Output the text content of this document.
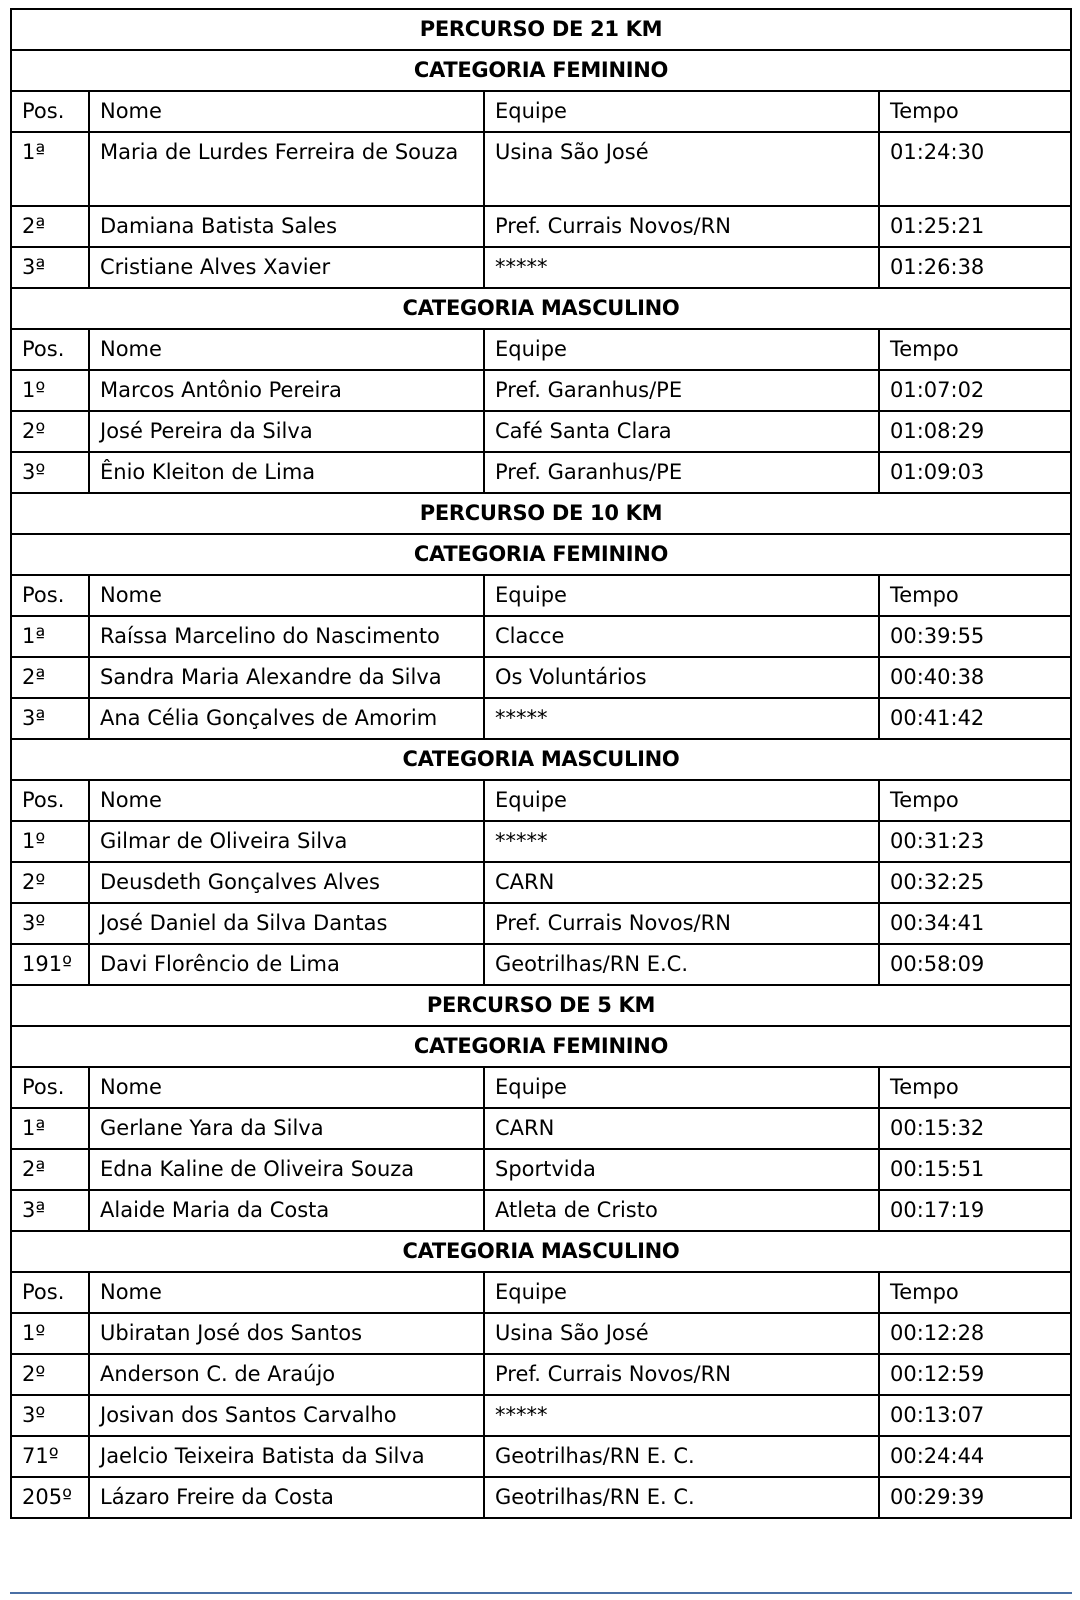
PERCURSO DE 21 KM			
CATEGORIA FEMININO			
Pos.	Nome	Equipe	Tempo
1ª	Maria de Lurdes Ferreira de Souza	Usina São José	01:24:30
2ª	Damiana Batista Sales	Pref. Currais Novos/RN	01:25:21
3ª	Cristiane Alves Xavier	*****	01:26:38
CATEGORIA MASCULINO			
Pos.	Nome	Equipe	Tempo
1º	Marcos Antônio Pereira	Pref. Garanhus/PE	01:07:02
2º	José Pereira da Silva	Café Santa Clara	01:08:29
3º	Ênio Kleiton de Lima	Pref. Garanhus/PE	01:09:03
PERCURSO DE 10 KM			
CATEGORIA FEMININO			
Pos.	Nome	Equipe	Tempo
1ª	Raíssa Marcelino do Nascimento	Clacce	00:39:55
2ª	Sandra Maria Alexandre da Silva	Os Voluntários	00:40:38
3ª	Ana Célia Gonçalves de Amorim	*****	00:41:42
CATEGORIA MASCULINO			
Pos.	Nome	Equipe	Tempo
1º	Gilmar de Oliveira Silva	*****	00:31:23
2º	Deusdeth Gonçalves Alves	CARN	00:32:25
3º	José Daniel da Silva Dantas	Pref. Currais Novos/RN	00:34:41
191º	Davi Florêncio de Lima	Geotrilhas/RN E.C.	00:58:09
PERCURSO DE 5 KM			
CATEGORIA FEMININO			
Pos.	Nome	Equipe	Tempo
1ª	Gerlane Yara da Silva	CARN	00:15:32
2ª	Edna Kaline de Oliveira Souza	Sportvida	00:15:51
3ª	Alaide Maria da Costa	Atleta de Cristo	00:17:19
CATEGORIA MASCULINO			
Pos.	Nome	Equipe	Tempo
1º	Ubiratan José dos Santos	Usina São José	00:12:28
2º	Anderson C. de Araújo	Pref. Currais Novos/RN	00:12:59
3º	Josivan dos Santos Carvalho	*****	00:13:07
71º	Jaelcio Teixeira Batista da Silva	Geotrilhas/RN E. C.	00:24:44
205º	Lázaro Freire da Costa	Geotrilhas/RN E. C.	00:29:39
